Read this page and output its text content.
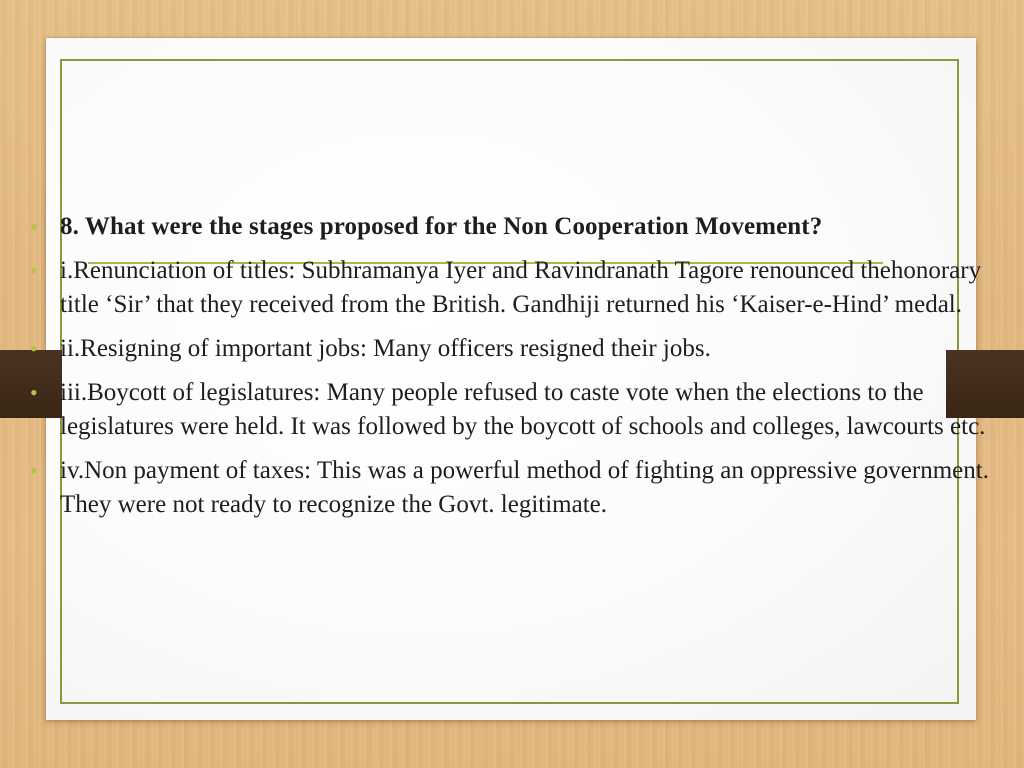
• 8. What were the stages proposed for the Non Cooperation Movement?
• i.Renunciation of titles: Subhramanya Iyer and Ravindranath Tagore renounced thehonorary title ‘Sir’ that they received from the British. Gandhiji returned his ‘Kaiser-e-Hind’ medal.
• ii.Resigning of important jobs: Many officers resigned their jobs.
• iii.Boycott of legislatures: Many people refused to caste vote when the elections to the legislatures were held. It was followed by the boycott of schools and colleges, lawcourts etc.
• iv.Non payment of taxes: This was a powerful method of fighting an oppressive government. They were not ready to recognize the Govt. legitimate.
